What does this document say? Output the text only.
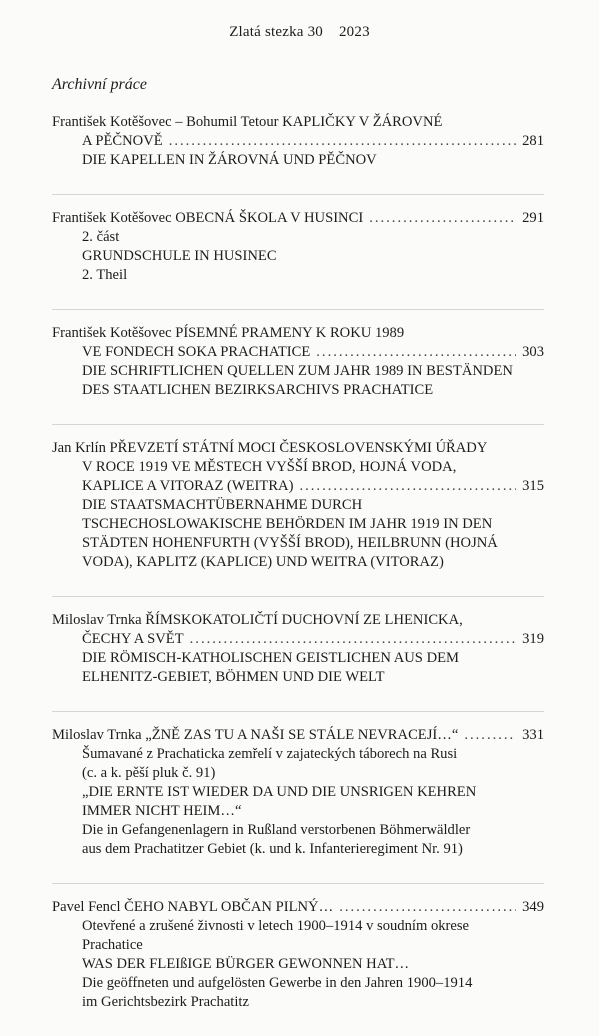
Zlatá stezka 30 2023
Archivní práce
František Kotěšovec – Bohumil Tetour KAPLIČKY V ŽÁROVNÉ
A PĚČNOVĚ .....	281
DIE KAPELLEN IN ŽÁROVNÁ UND PĚČNOV
František Kotěšovec OBECNÁ ŠKOLA V HUSINCI .....	291
2. část
GRUNDSCHULE IN HUSINEC
2. Theil
František Kotěšovec PÍSEMNÉ PRAMENY K ROKU 1989
VE FONDECH SOKA PRACHATICE .....	303
DIE SCHRIFTLICHEN QUELLEN ZUM JAHR 1989 IN BESTÄNDEN
DES STAATLICHEN BEZIRKSARCHIVS PRACHATICE
Jan Krlín PŘEVZETÍ STÁTNÍ MOCI ČESKOSLOVENSKÝMI ÚŘADY
V ROCE 1919 VE MĚSTECH VYŠŠÍ BROD, HOJNÁ VODA,
KAPLICE A VITORAZ (WEITRA) .....	315
DIE STAATSMACHTÜBERNAHME DURCH
TSCHECHOSLOWAKISCHE BEHÖRDEN IM JAHR 1919 IN DEN
STÄDTEN HOHENFURTH (VYŠŠÍ BROD), HEILBRUNN (HOJNÁ
VODA), KAPLITZ (KAPLICE) UND WEITRA (VITORAZ)
Miloslav Trnka ŘÍMSKOKATOLIČTÍ DUCHOVNÍ ZE LHENICKA,
ČECHY A SVĚT .....	319
DIE RÖMISCH-KATHOLISCHEN GEISTLICHEN AUS DEM
ELHENITZ-GEBIET, BÖHMEN UND DIE WELT
Miloslav Trnka „ŽNĚ ZAS TU A NAŠI SE STÁLE NEVRACEJÍ…“ .....	331
Šumavané z Prachaticka zemřelí v zajateckých táborech na Rusi
(c. a k. pěší pluk č. 91)
„DIE ERNTE IST WIEDER DA UND DIE UNSRIGEN KEHREN
IMMER NICHT HEIM…“
Die in Gefangenenlagern in Rußland verstorbenen Böhmerwäldler
aus dem Prachatitzer Gebiet (k. und k. Infanterieregiment Nr. 91)
Pavel Fencl ČEHO NABYL OBČAN PILNÝ… .....	349
Otevřené a zrušené živnosti v letech 1900–1914 v soudním okrese
Prachatice
WAS DER FLEIßIGE BÜRGER GEWONNEN HAT…
Die geöffneten und aufgelösten Gewerbe in den Jahren 1900–1914
im Gerichtsbezirk Prachatitz
